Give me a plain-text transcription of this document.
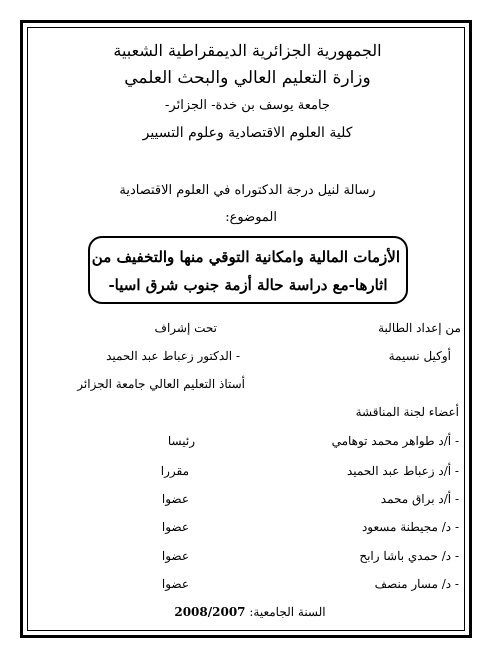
الجمهورية الجزائرية الديمقراطية الشعبية
وزارة التعليم العالي والبحث العلمي
جامعة يوسف بن خدة- الجزائر-
كلية العلوم الاقتصادية وعلوم التسيير
رسالة لنيل درجة الدكتوراه في العلوم الاقتصادية
الموضوع:
الأزمات المالية وامكانية التوقي منها والتخفيف من
اثارها-مع دراسة حالة أزمة جنوب شرق اسيا-
من إعداد الطالبة
تحت إشراف
أوكيل نسيمة
- الدكتور زعباط عبد الحميد
أستاذ التعليم العالي جامعة الجزائر
أعضاء لجنة المناقشة
- أ/د طواهر محمد توهامي
رئيسا
- أ/د زعباط عبد الحميد
مقررا
- أ/د براق محمد
عضوا
- د/ مجيطنة مسعود
عضوا
- د/ حمدي باشا رابح
عضوا
- د/ مسار منصف
عضوا
السنة الجامعية: 2008/2007
